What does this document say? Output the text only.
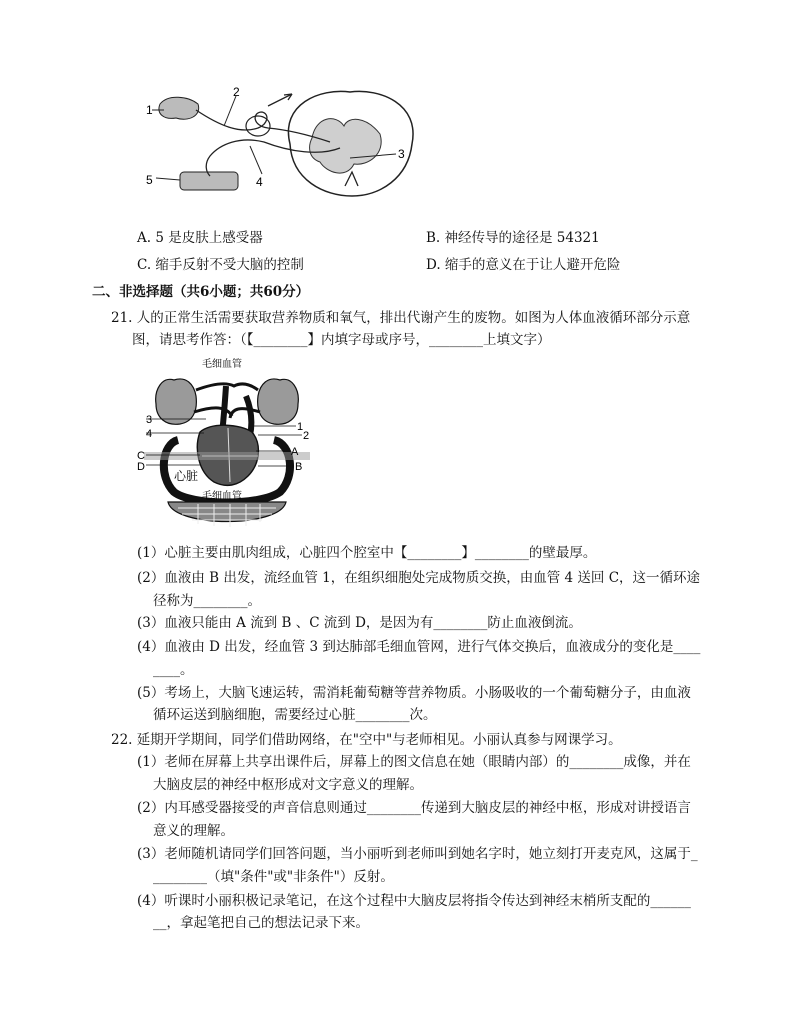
1
2
3
4
5
A. 5 是皮肤上感受器	B. 神经传导的途径是 54321
C. 缩手反射不受大脑的控制	D. 缩手的意义在于让人避开危险
二、非选择题（共6小题；共60分）
21. 人的正常生活需要获取营养物质和氧气，排出代谢产生的废物。如图为人体血液循环部分示意
图，请思考作答：（【________】内填字母或序号，________上填文字）
毛细血管
心脏
毛细血管
3
4
C
D
1
2
A
B
(1）心脏主要由肌肉组成，心脏四个腔室中【________】________的壁最厚。
(2）血液由 B 出发，流经血管 1，在组织细胞处完成物质交换，由血管 4 送回 C，这一循环途
径称为________。
(3）血液只能由 A 流到 B 、C 流到 D，是因为有________防止血液倒流。
(4）血液由 D 出发，经血管 3 到达肺部毛细血管网，进行气体交换后，血液成分的变化是____
____。
(5）考场上，大脑飞速运转，需消耗葡萄糖等营养物质。小肠吸收的一个葡萄糖分子，由血液
循环运送到脑细胞，需要经过心脏________次。
22. 延期开学期间，同学们借助网络，在"空中"与老师相见。小丽认真参与网课学习。
(1）老师在屏幕上共享出课件后，屏幕上的图文信息在她（眼睛内部）的________成像，并在
大脑皮层的神经中枢形成对文字意义的理解。
(2）内耳感受器接受的声音信息则通过________传递到大脑皮层的神经中枢，形成对讲授语言
意义的理解。
(3）老师随机请同学们回答问题，当小丽听到老师叫到她名字时，她立刻打开麦克风，这属于_
________（填"条件"或"非条件"）反射。
(4）听课时小丽积极记录笔记，在这个过程中大脑皮层将指令传达到神经末梢所支配的______
__，拿起笔把自己的想法记录下来。
